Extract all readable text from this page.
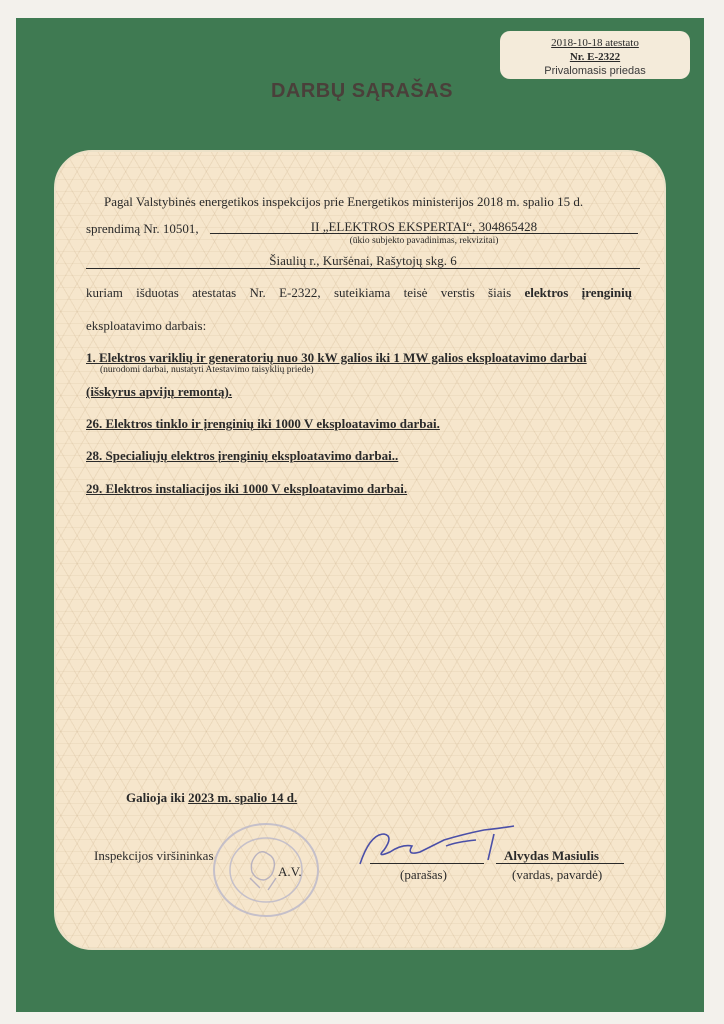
2018-10-18 atestato
Nr. E-2322
Privalomasis priedas
DARBŲ SĄRAŠAS
Pagal Valstybinės energetikos inspekcijos prie Energetikos ministerijos 2018 m. spalio 15 d.
sprendimą Nr. 10501,	II „ELEKTROS EKSPERTAI“, 304865428
(ūkio subjekto pavadinimas, rekvizitai)
Šiaulių r., Kuršėnai, Rašytojų skg. 6
kuriam išduotas atestatas Nr. E-2322, suteikiama teisė verstis šiais elektros įrenginių
eksploatavimo darbais:
1. Elektros variklių ir generatorių nuo 30 kW galios iki 1 MW galios eksploatavimo darbai
(nurodomi darbai, nustatyti Atestavimo taisyklių priede)
(išskyrus apvijų remontą).
26. Elektros tinklo ir įrenginių iki 1000 V eksploatavimo darbai.
28. Specialiųjų elektros įrenginių eksploatavimo darbai..
29. Elektros instaliacijos iki 1000 V eksploatavimo darbai.
Galioja iki 2023 m. spalio 14 d.
Inspekcijos viršininkas
A.V.
Alvydas Masiulis
(parašas)	(vardas, pavardė)
